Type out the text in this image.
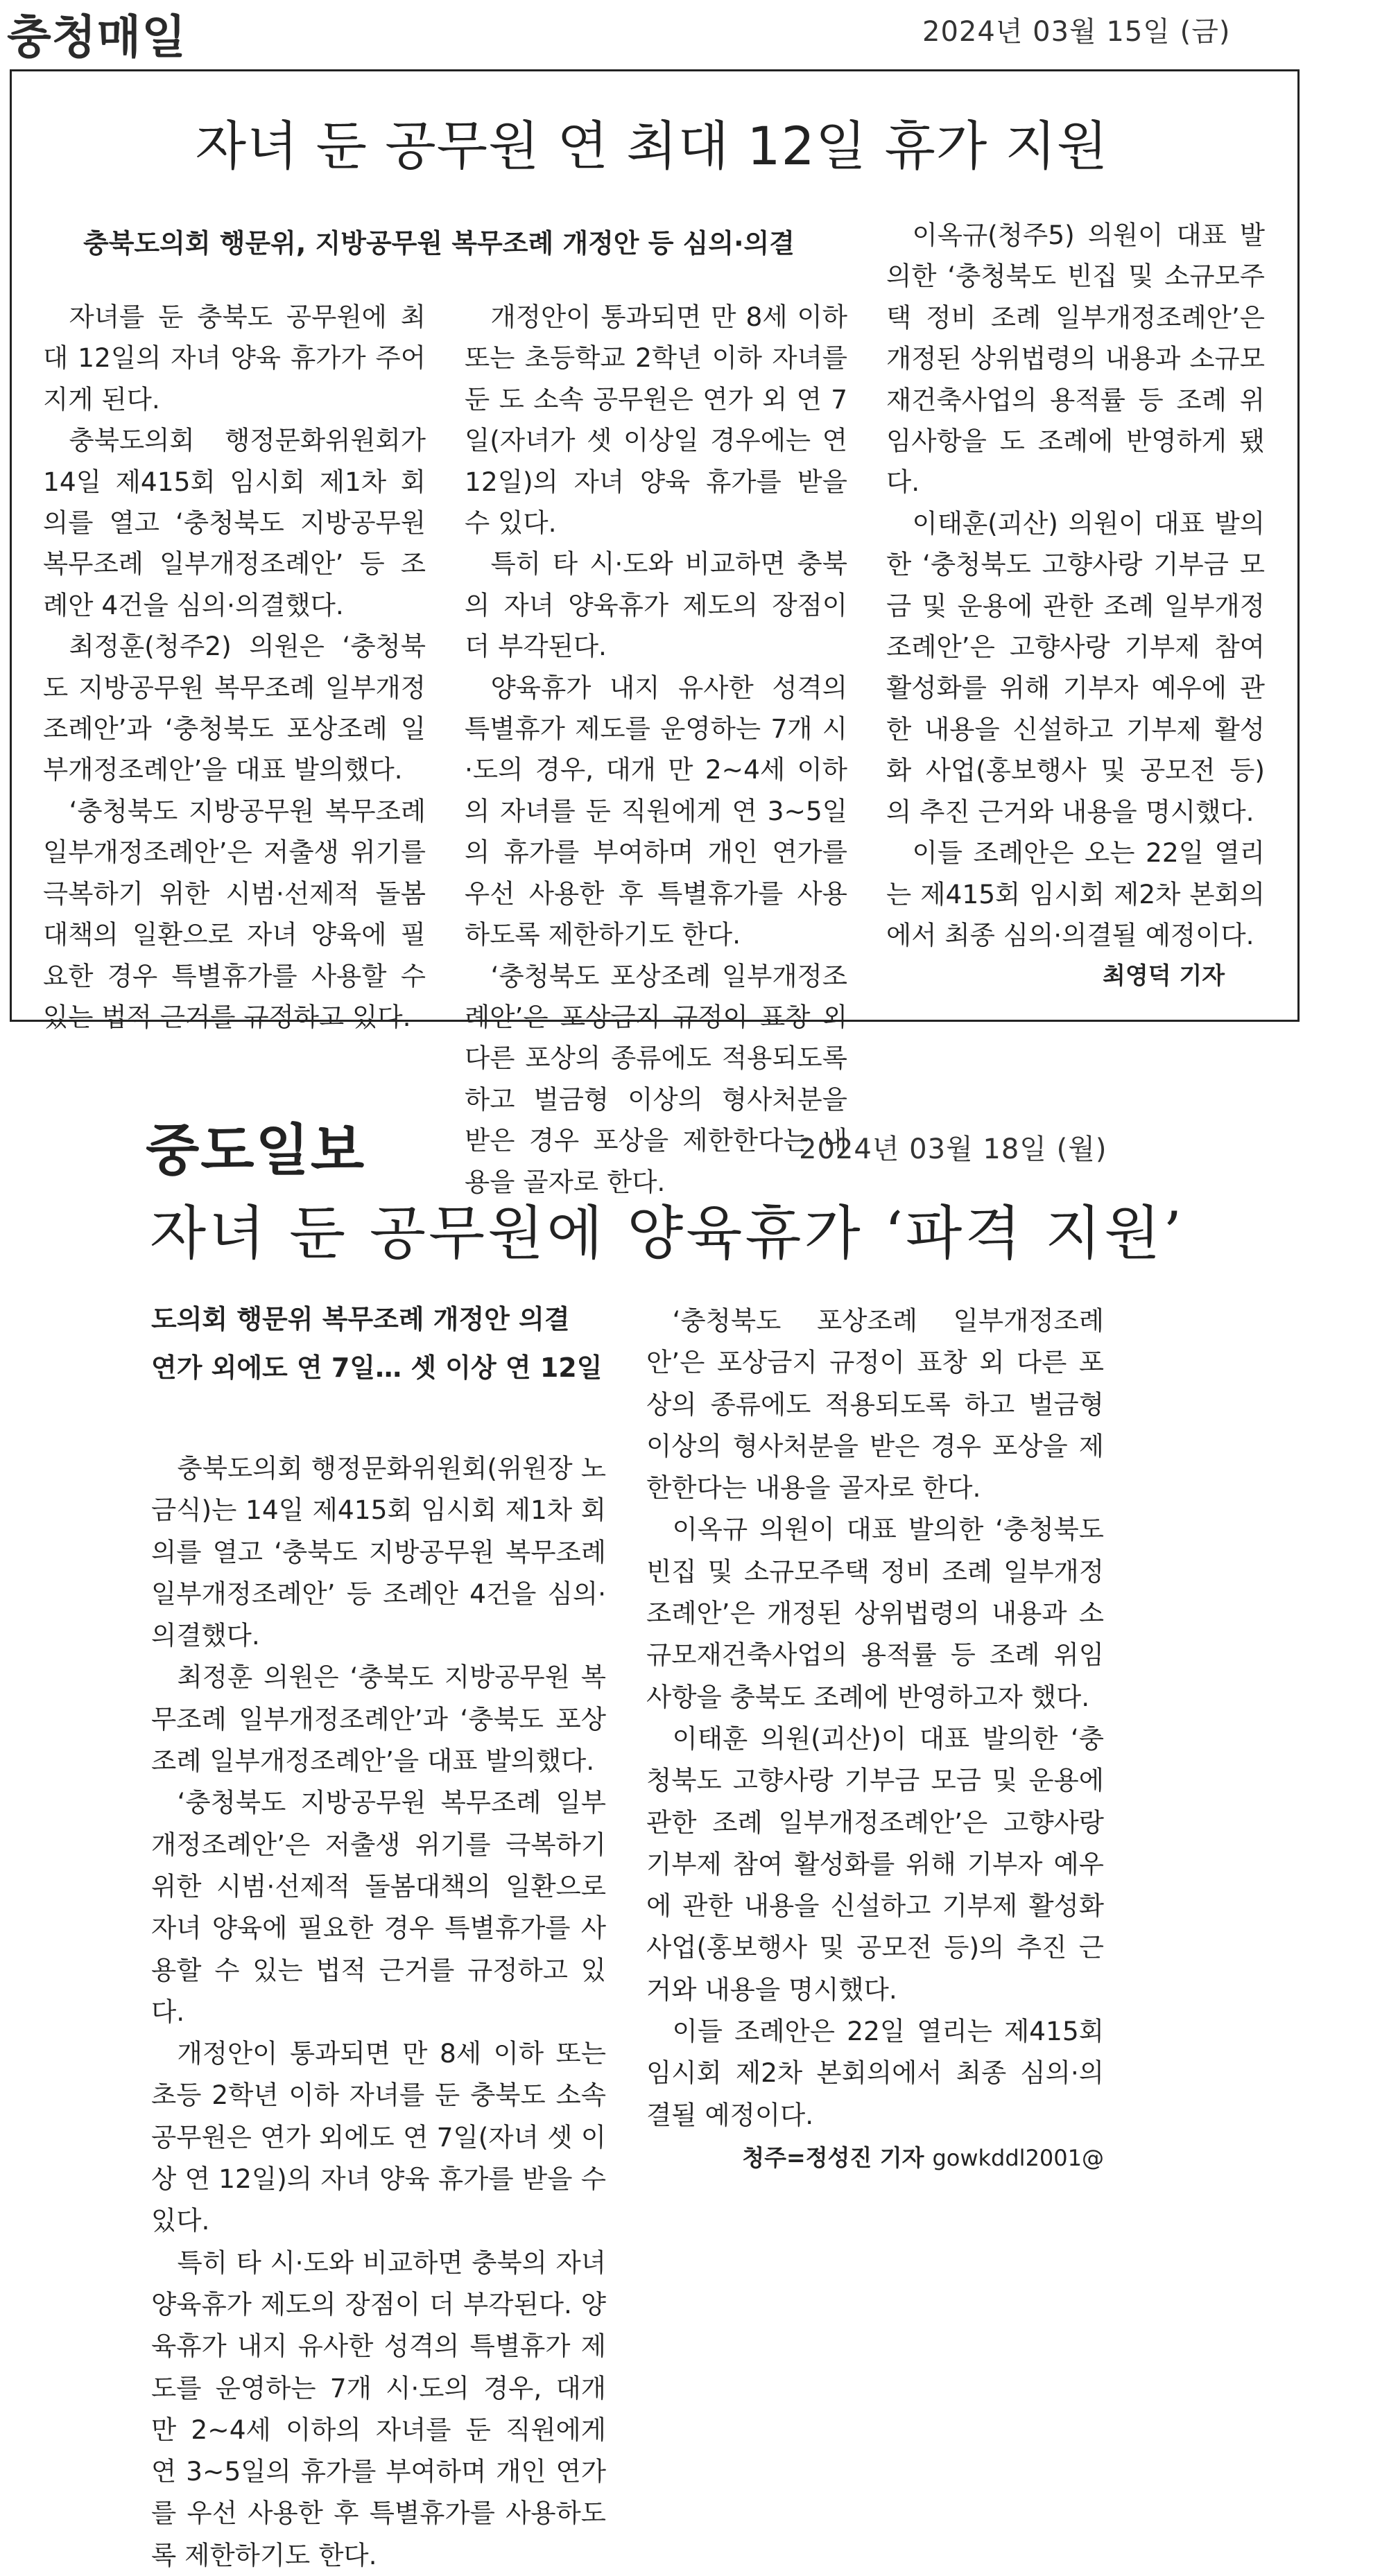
충청매일	2024년 03월 15일 (금)
자녀 둔 공무원 연 최대 12일 휴가 지원
충북도의회 행문위, 지방공무원 복무조례 개정안 등 심의·의결

자녀를 둔 충북도 공무원에 최대 12일의 자녀 양육 휴가가 주어지게 된다.

충북도의회 행정문화위원회가 14일 제415회 임시회 제1차 회의를 열고 ‘충청북도 지방공무원 복무조례 일부개정조례안’ 등 조례안 4건을 심의·의결했다.

최정훈(청주2) 의원은 ‘충청북도 지방공무원 복무조례 일부개정조례안’과 ‘충청북도 포상조례 일부개정조례안’을 대표 발의했다.

‘충청북도 지방공무원 복무조례 일부개정조례안’은 저출생 위기를 극복하기 위한 시범·선제적 돌봄대책의 일환으로 자녀 양육에 필요한 경우 특별휴가를 사용할 수 있는 법적 근거를 규정하고 있다.

개정안이 통과되면 만 8세 이하 또는 초등학교 2학년 이하 자녀를 둔 도 소속 공무원은 연가 외 연 7일(자녀가 셋 이상일 경우에는 연 12일)의 자녀 양육 휴가를 받을 수 있다.

특히 타 시·도와 비교하면 충북의 자녀 양육휴가 제도의 장점이 더 부각된다.

양육휴가 내지 유사한 성격의 특별휴가 제도를 운영하는 7개 시·도의 경우, 대개 만 2~4세 이하의 자녀를 둔 직원에게 연 3~5일의 휴가를 부여하며 개인 연가를 우선 사용한 후 특별휴가를 사용하도록 제한하기도 한다.

‘충청북도 포상조례 일부개정조례안’은 포상금지 규정이 표창 외 다른 포상의 종류에도 적용되도록 하고 벌금형 이상의 형사처분을 받은 경우 포상을 제한한다는 내용을 골자로 한다.

이옥규(청주5) 의원이 대표 발의한 ‘충청북도 빈집 및 소규모주택 정비 조례 일부개정조례안’은 개정된 상위법령의 내용과 소규모재건축사업의 용적률 등 조례 위임사항을 도 조례에 반영하게 됐다.

이태훈(괴산) 의원이 대표 발의한 ‘충청북도 고향사랑 기부금 모금 및 운용에 관한 조례 일부개정조례안’은 고향사랑 기부제 참여 활성화를 위해 기부자 예우에 관한 내용을 신설하고 기부제 활성화 사업(홍보행사 및 공모전 등)의 추진 근거와 내용을 명시했다.

이들 조례안은 오는 22일 열리는 제415회 임시회 제2차 본회의에서 최종 심의·의결될 예정이다.

최영덕 기자
중도일보	2024년 03월 18일 (월)
자녀 둔 공무원에 양육휴가 ‘파격 지원’
도의회 행문위 복무조례 개정안 의결
연가 외에도 연 7일… 셋 이상 연 12일

충북도의회 행정문화위원회(위원장 노금식)는 14일 제415회 임시회 제1차 회의를 열고 ‘충북도 지방공무원 복무조례 일부개정조례안’ 등 조례안 4건을 심의·의결했다.

최정훈 의원은 ‘충북도 지방공무원 복무조례 일부개정조례안’과 ‘충북도 포상조례 일부개정조례안’을 대표 발의했다.

‘충청북도 지방공무원 복무조례 일부개정조례안’은 저출생 위기를 극복하기 위한 시범·선제적 돌봄대책의 일환으로 자녀 양육에 필요한 경우 특별휴가를 사용할 수 있는 법적 근거를 규정하고 있다.

개정안이 통과되면 만 8세 이하 또는 초등 2학년 이하 자녀를 둔 충북도 소속 공무원은 연가 외에도 연 7일(자녀 셋 이상 연 12일)의 자녀 양육 휴가를 받을 수 있다.

특히 타 시·도와 비교하면 충북의 자녀 양육휴가 제도의 장점이 더 부각된다. 양육휴가 내지 유사한 성격의 특별휴가 제도를 운영하는 7개 시·도의 경우, 대개 만 2~4세 이하의 자녀를 둔 직원에게 연 3~5일의 휴가를 부여하며 개인 연가를 우선 사용한 후 특별휴가를 사용하도록 제한하기도 한다.

‘충청북도 포상조례 일부개정조례안’은 포상금지 규정이 표창 외 다른 포상의 종류에도 적용되도록 하고 벌금형 이상의 형사처분을 받은 경우 포상을 제한한다는 내용을 골자로 한다.

이옥규 의원이 대표 발의한 ‘충청북도 빈집 및 소규모주택 정비 조례 일부개정조례안’은 개정된 상위법령의 내용과 소규모재건축사업의 용적률 등 조례 위임사항을 충북도 조례에 반영하고자 했다.

이태훈 의원(괴산)이 대표 발의한 ‘충청북도 고향사랑 기부금 모금 및 운용에 관한 조례 일부개정조례안’은 고향사랑 기부제 참여 활성화를 위해 기부자 예우에 관한 내용을 신설하고 기부제 활성화 사업(홍보행사 및 공모전 등)의 추진 근거와 내용을 명시했다.

이들 조례안은 22일 열리는 제415회 임시회 제2차 본회의에서 최종 심의·의결될 예정이다.

청주=정성진 기자 gowkddl2001@
